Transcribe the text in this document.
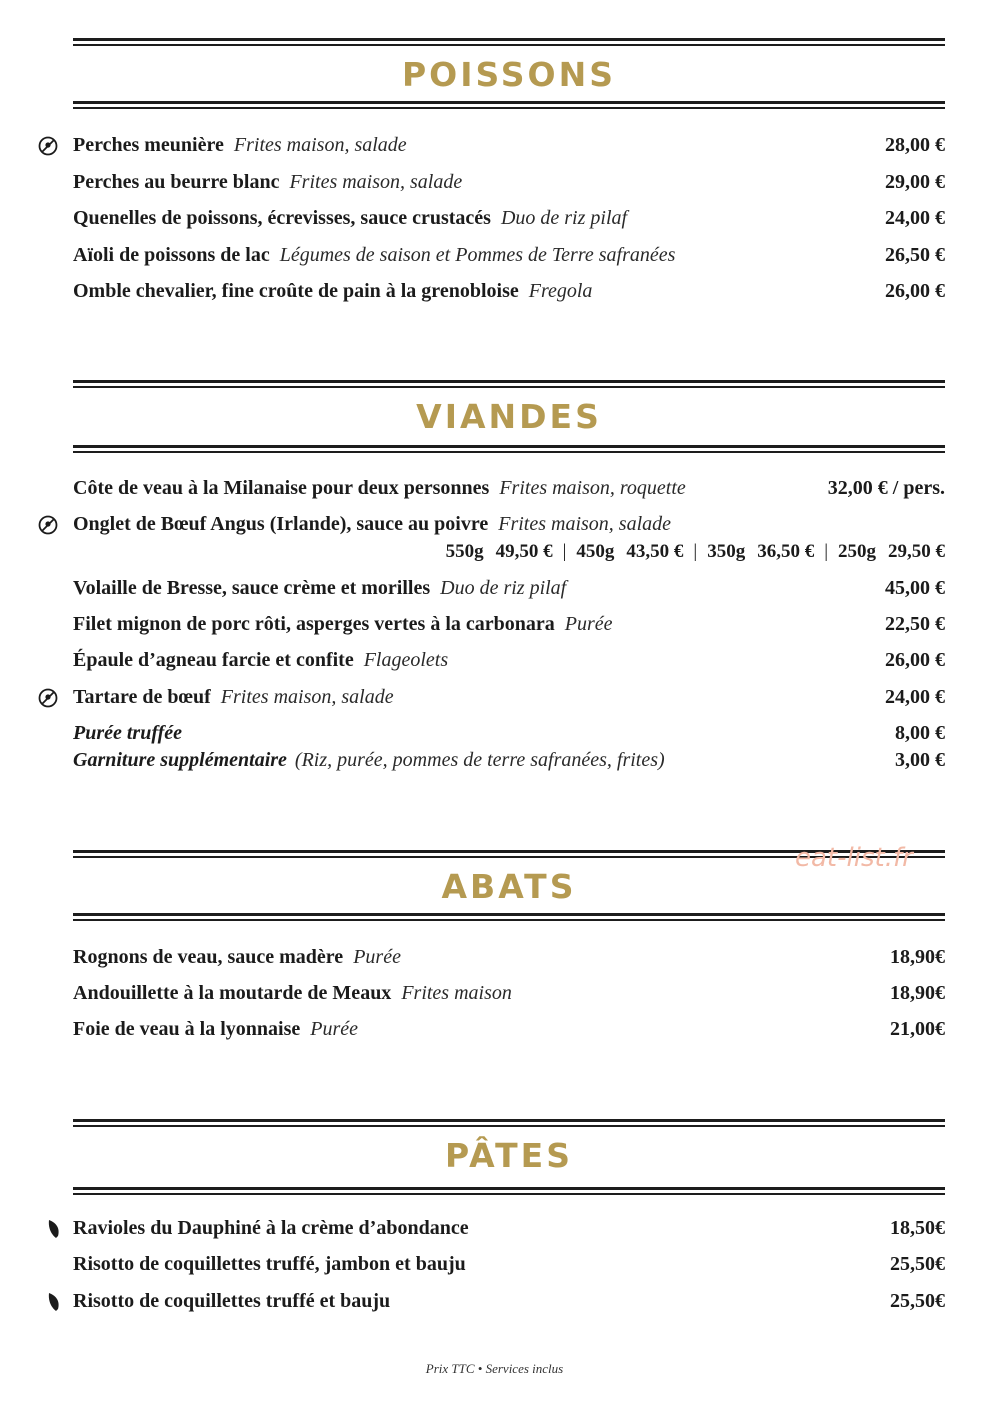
POISSONS
Perches meunière Frites maison, salade	28,00 €
Perches au beurre blanc Frites maison, salade	29,00 €
Quenelles de poissons, écrevisses, sauce crustacés Duo de riz pilaf	24,00 €
Aïoli de poissons de lac Légumes de saison et Pommes de Terre safranées	26,50 €
Omble chevalier, fine croûte de pain à la grenobloise Fregola	26,00 €
VIANDES
Côte de veau à la Milanaise pour deux personnes Frites maison, roquette	32,00 € / pers.
Onglet de Bœuf Angus (Irlande), sauce au poivre Frites maison, salade
550g 49,50 € | 450g 43,50 € | 350g 36,50 € | 250g 29,50 €
Volaille de Bresse, sauce crème et morilles Duo de riz pilaf	45,00 €
Filet mignon de porc rôti, asperges vertes à la carbonara Purée	22,50 €
Épaule d’agneau farcie et confite Flageolets	26,00 €
Tartare de bœuf Frites maison, salade	24,00 €
Purée truffée	8,00 €
Garniture supplémentaire (Riz, purée, pommes de terre safranées, frites)	3,00 €
eat-list.fr
ABATS
Rognons de veau, sauce madère Purée	18,90€
Andouillette à la moutarde de Meaux Frites maison	18,90€
Foie de veau à la lyonnaise Purée	21,00€
PÂTES
Ravioles du Dauphiné à la crème d’abondance	18,50€
Risotto de coquillettes truffé, jambon et bauju	25,50€
Risotto de coquillettes truffé et bauju	25,50€
Prix TTC • Services inclus
